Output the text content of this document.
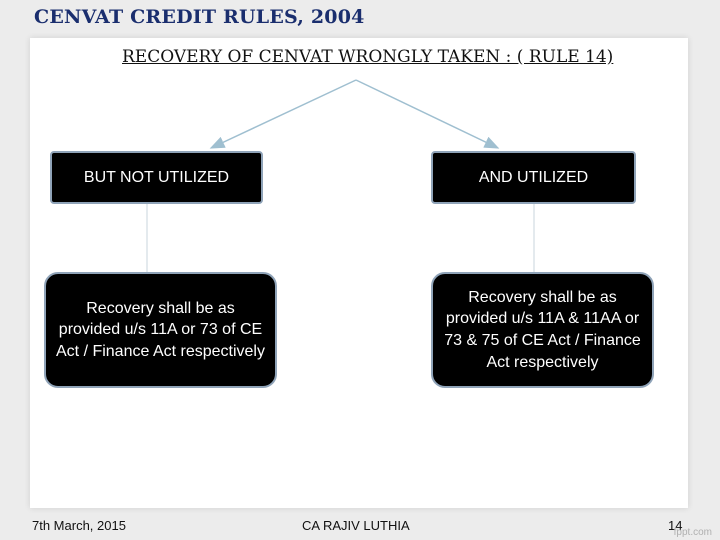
CENVAT CREDIT RULES, 2004
RECOVERY OF CENVAT WRONGLY TAKEN : ( RULE 14)
BUT NOT UTILIZED	AND UTILIZED
Recovery shall be as provided u/s 11A or 73 of CE Act / Finance Act respectively
Recovery shall be as provided u/s 11A & 11AA or 73 & 75 of CE Act / Finance Act respectively
7th March, 2015	CA RAJIV LUTHIA	14
fppt.com
